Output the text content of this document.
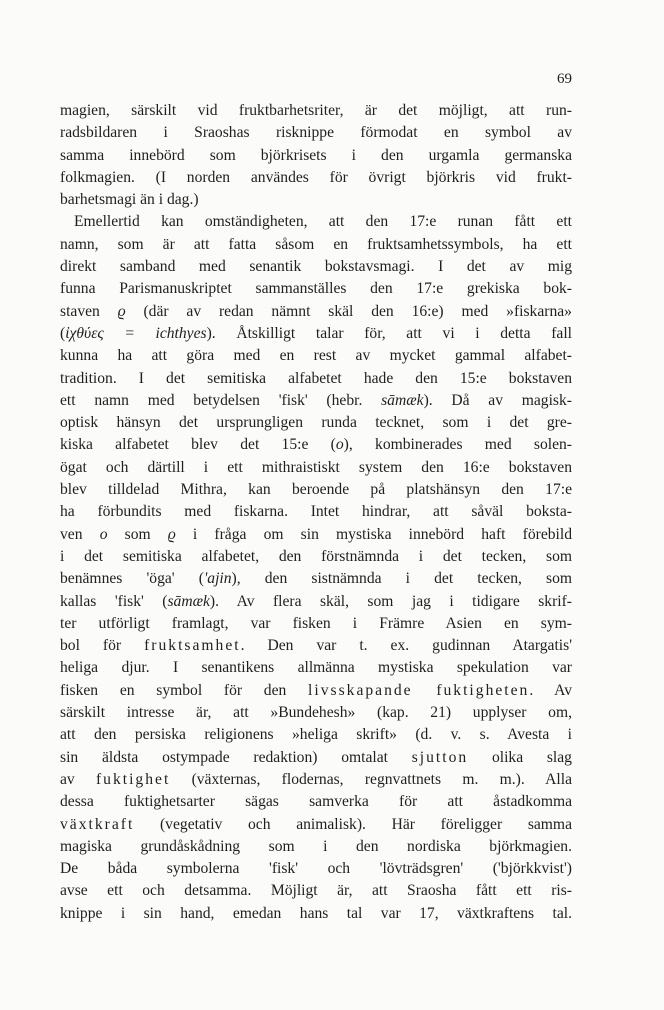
69
magien, särskilt vid fruktbarhetsriter, är det möjligt, att run-
radsbildaren i Sraoshas risknippe förmodat en symbol av
samma innebörd som björkrisets i den urgamla germanska
folkmagien. (I norden användes för övrigt björkris vid frukt-
barhetsmagi än i dag.)
Emellertid kan omständigheten, att den 17:e runan fått ett
namn, som är att fatta såsom en fruktsamhetssymbols, ha ett
direkt samband med senantik bokstavsmagi. I det av mig
funna Parismanuskriptet sammanställes den 17:e grekiska bok-
staven ϱ (där av redan nämnt skäl den 16:e) med »fiskarna»
(ἰχθύες = ichthyes). Åtskilligt talar för, att vi i detta fall
kunna ha att göra med en rest av mycket gammal alfabet-
tradition. I det semitiska alfabetet hade den 15:e bokstaven
ett namn med betydelsen 'fisk' (hebr. sāmæk). Då av magisk-
optisk hänsyn det ursprungligen runda tecknet, som i det gre-
kiska alfabetet blev det 15:e (o), kombinerades med solen-
ögat och därtill i ett mithraistiskt system den 16:e bokstaven
blev tilldelad Mithra, kan beroende på platshänsyn den 17:e
ha förbundits med fiskarna. Intet hindrar, att såväl boksta-
ven o som ϱ i fråga om sin mystiska innebörd haft förebild
i det semitiska alfabetet, den förstnämnda i det tecken, som
benämnes 'öga' ('ajin), den sistnämnda i det tecken, som
kallas 'fisk' (sāmæk). Av flera skäl, som jag i tidigare skrif-
ter utförligt framlagt, var fisken i Främre Asien en sym-
bol för fruktsamhet. Den var t. ex. gudinnan Atargatis'
heliga djur. I senantikens allmänna mystiska spekulation var
fisken en symbol för den livsskapande fuktigheten. Av
särskilt intresse är, att »Bundehesh» (kap. 21) upplyser om,
att den persiska religionens »heliga skrift» (d. v. s. Avesta i
sin äldsta ostympade redaktion) omtalat sjutton olika slag
av fuktighet (växternas, flodernas, regnvattnets m. m.). Alla
dessa fuktighetsarter sägas samverka för att åstadkomma
växtkraft (vegetativ och animalisk). Här föreligger samma
magiska grundåskådning som i den nordiska björkmagien.
De båda symbolerna 'fisk' och 'lövträdsgren' ('björkkvist')
avse ett och detsamma. Möjligt är, att Sraosha fått ett ris-
knippe i sin hand, emedan hans tal var 17, växtkraftens tal.
